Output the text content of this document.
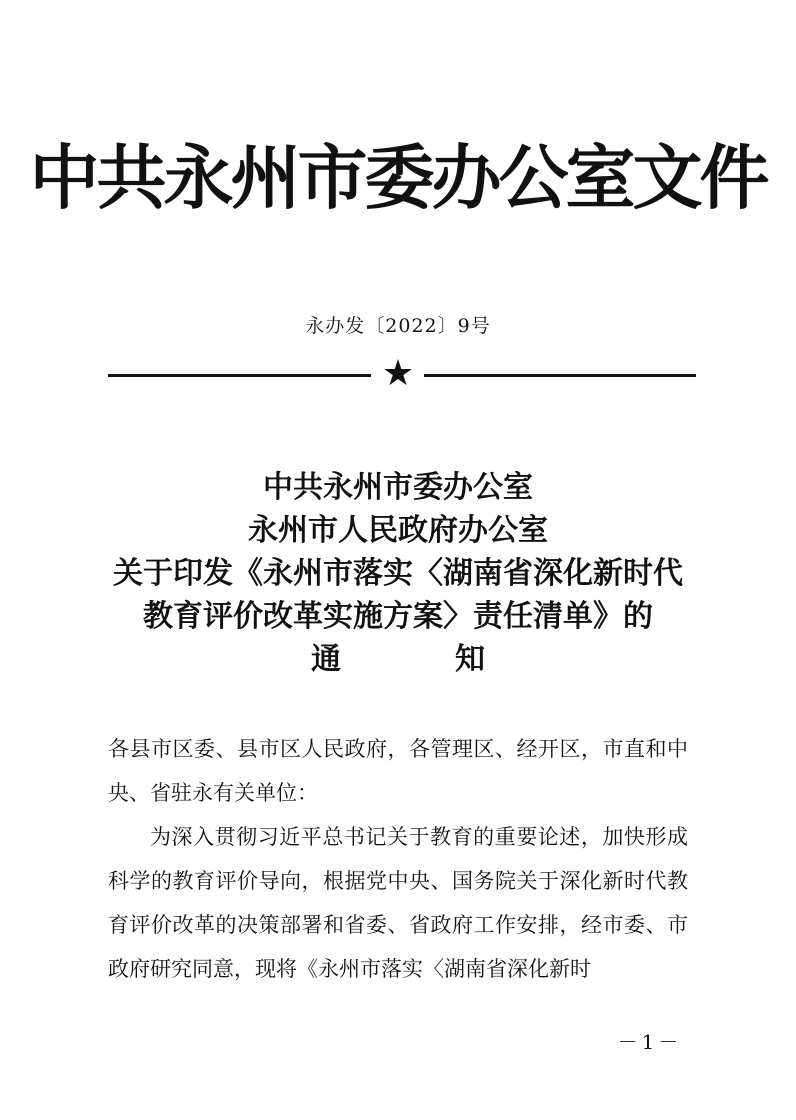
中共永州市委办公室文件
永办发〔2022〕9号
★
中共永州市委办公室
永州市人民政府办公室
关于印发《永州市落实〈湖南省深化新时代
教育评价改革实施方案〉责任清单》的
通　知

各县市区委、县市区人民政府，各管理区、经开区，市直和中央、省驻永有关单位：

为深入贯彻习近平总书记关于教育的重要论述，加快形成科学的教育评价导向，根据党中央、国务院关于深化新时代教育评价改革的决策部署和省委、省政府工作安排，经市委、市政府研究同意，现将《永州市落实〈湖南省深化新时

－1－
